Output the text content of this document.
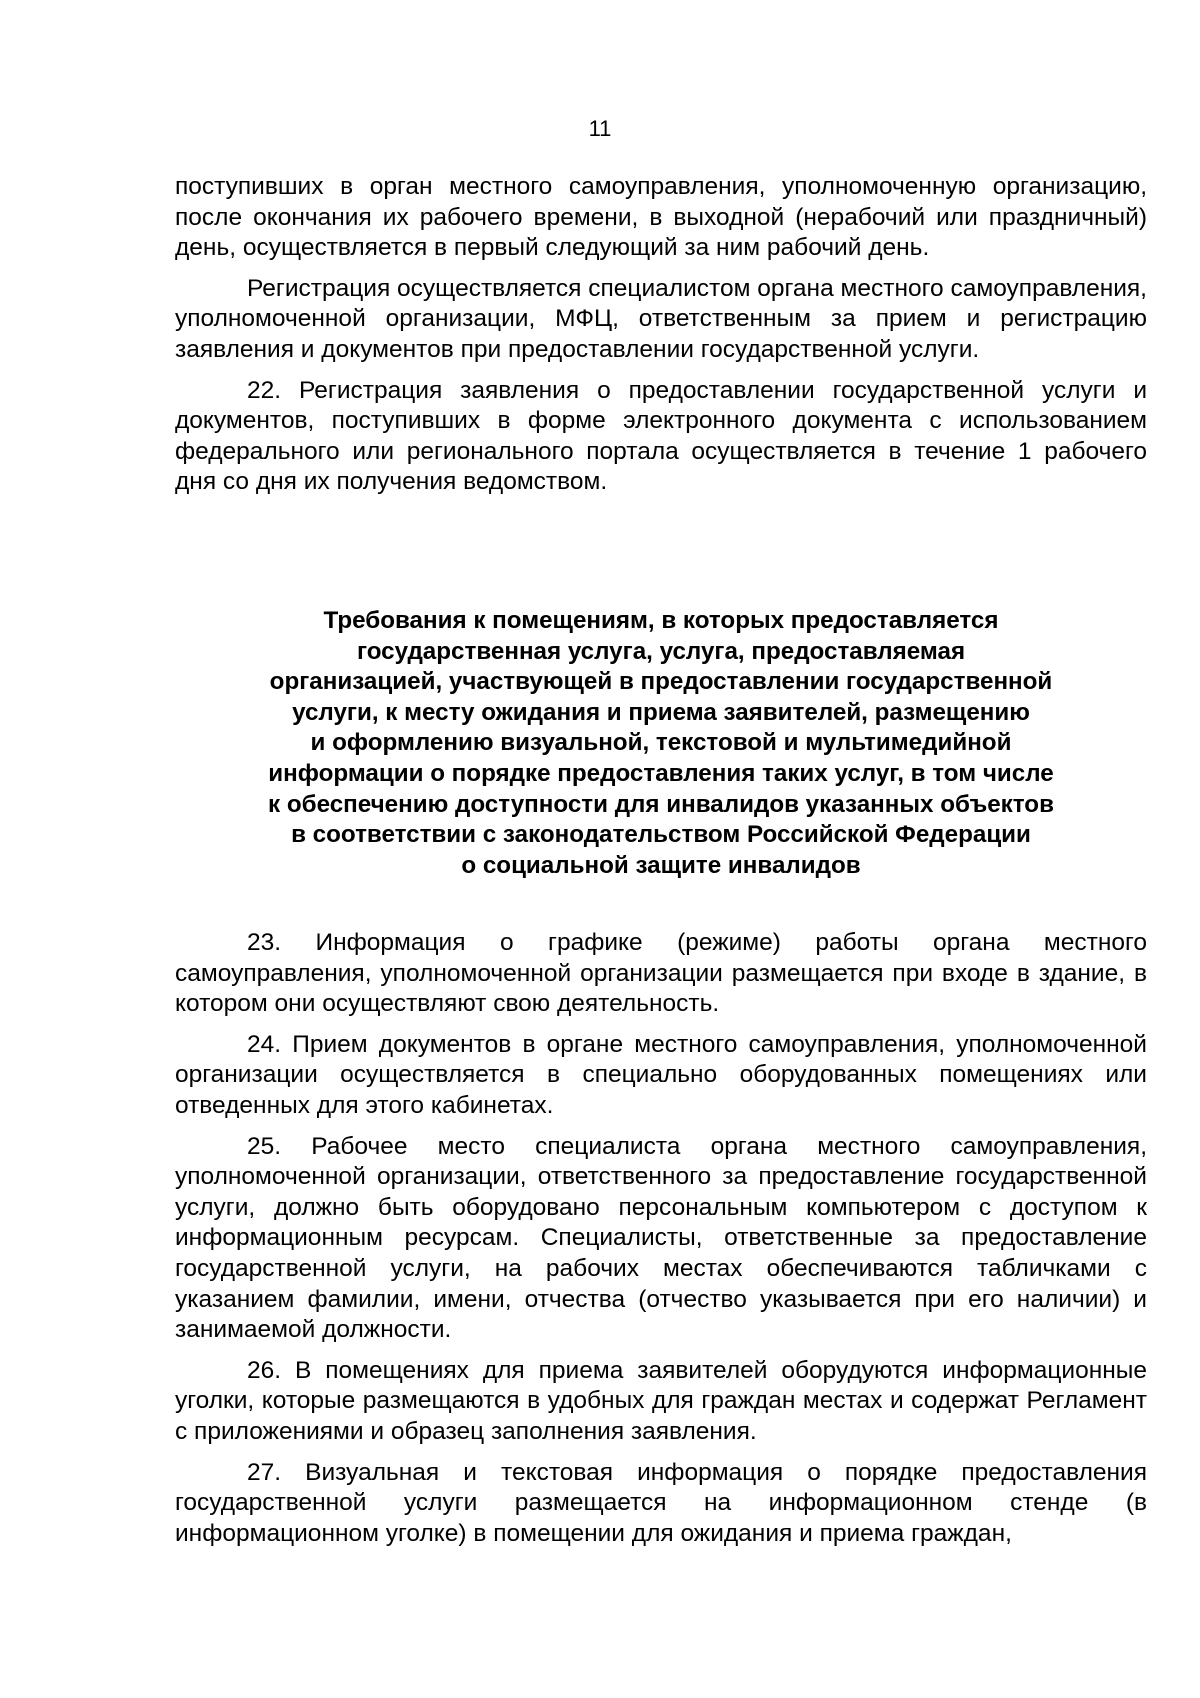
11

поступивших в орган местного самоуправления, уполномоченную организацию, после окончания их рабочего времени, в выходной (нерабочий или праздничный) день, осуществляется в первый следующий за ним рабочий день.

Регистрация осуществляется специалистом органа местного самоуправления, уполномоченной организации, МФЦ, ответственным за прием и регистрацию заявления и документов при предоставлении государственной услуги.

22. Регистрация заявления о предоставлении государственной услуги и документов, поступивших в форме электронного документа с использованием федерального или регионального портала осуществляется в течение 1 рабочего дня со дня их получения ведомством.

Требования к помещениям, в которых предоставляется
государственная услуга, услуга, предоставляемая
организацией, участвующей в предоставлении государственной
услуги, к месту ожидания и приема заявителей, размещению
и оформлению визуальной, текстовой и мультимедийной
информации о порядке предоставления таких услуг, в том числе
к обеспечению доступности для инвалидов указанных объектов
в соответствии с законодательством Российской Федерации
о социальной защите инвалидов

23. Информация о графике (режиме) работы органа местного самоуправления, уполномоченной организации размещается при входе в здание, в котором они осуществляют свою деятельность.

24. Прием документов в органе местного самоуправления, уполномоченной организации осуществляется в специально оборудованных помещениях или отведенных для этого кабинетах.

25. Рабочее место специалиста органа местного самоуправления, уполномоченной организации, ответственного за предоставление государственной услуги, должно быть оборудовано персональным компьютером с доступом к информационным ресурсам. Специалисты, ответственные за предоставление государственной услуги, на рабочих местах обеспечиваются табличками с указанием фамилии, имени, отчества (отчество указывается при его наличии) и занимаемой должности.

26. В помещениях для приема заявителей оборудуются информационные уголки, которые размещаются в удобных для граждан местах и содержат Регламент с приложениями и образец заполнения заявления.

27. Визуальная и текстовая информация о порядке предоставления государственной услуги размещается на информационном стенде (в информационном уголке) в помещении для ожидания и приема граждан,
